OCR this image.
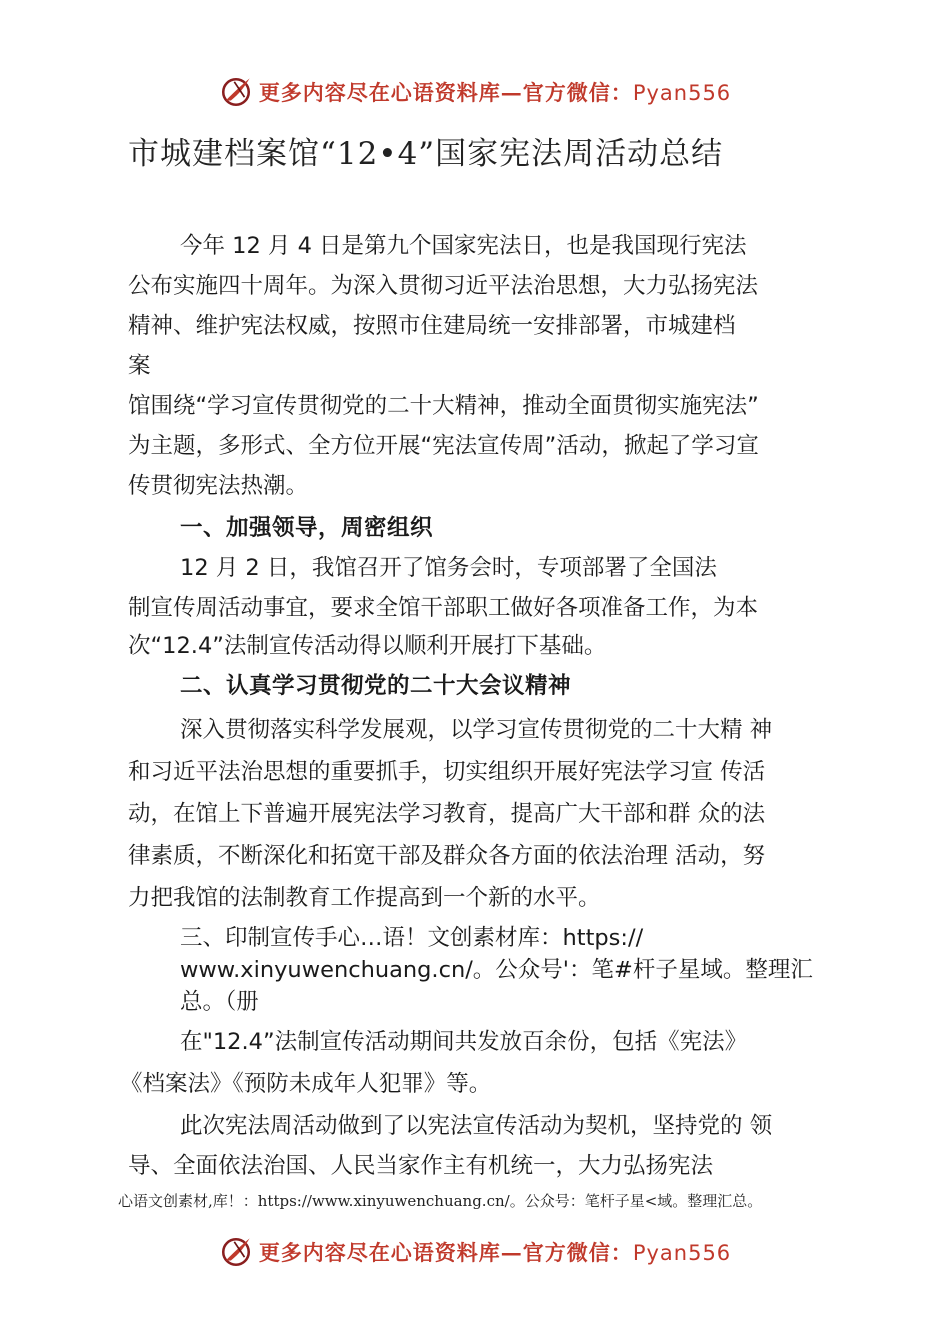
更多内容尽在心语资料库—官方微信：Pyan556
市城建档案馆“12•4”国家宪法周活动总结

今年 12 月 4 日是第九个国家宪法日，也是我国现行宪法

公布实施四十周年。为深入贯彻习近平法治思想，大力弘扬宪法

精神、维护宪法权威，按照市住建局统一安排部署，市城建档

案

馆围绕“学习宣传贯彻党的二十大精神，推动全面贯彻实施宪法”

为主题，多形式、全方位开展“宪法宣传周”活动，掀起了学习宣

传贯彻宪法热潮。

一、加强领导，周密组织

12 月 2 日，我馆召开了馆务会时，专项部署了全国法

制宣传周活动事宜，要求全馆干部职工做好各项准备工作，为本

次“12.4”法制宣传活动得以顺利开展打下基础。

二、认真学习贯彻党的二十大会议精神

深入贯彻落实科学发展观，以学习宣传贯彻党的二十大精 神

和习近平法治思想的重要抓手，切实组织开展好宪法学习宣 传活

动，在馆上下普遍开展宪法学习教育，提高广大干部和群 众的法

律素质，不断深化和拓宽干部及群众各方面的依法治理 活动，努

力把我馆的法制教育工作提高到一个新的水平。

三、印制宣传手心…语！文创素材库：https://

www.xinyuwenchuang.cn/。公众号'：笔#杆子星域。整理汇

总。（册

在"12.4”法制宣传活动期间共发放百余份，包括《宪法》

《档案法》《预防未成年人犯罪》等。

此次宪法周活动做到了以宪法宣传活动为契机，坚持党的 领

导、全面依法治国、人民当家作主有机统一，大力弘扬宪法

心语文创素材,库！：https://www.xinyuwenchuang.cn/。公众号：笔杆子星<域。整理汇总。

更多内容尽在心语资料库—官方微信：Pyan556
